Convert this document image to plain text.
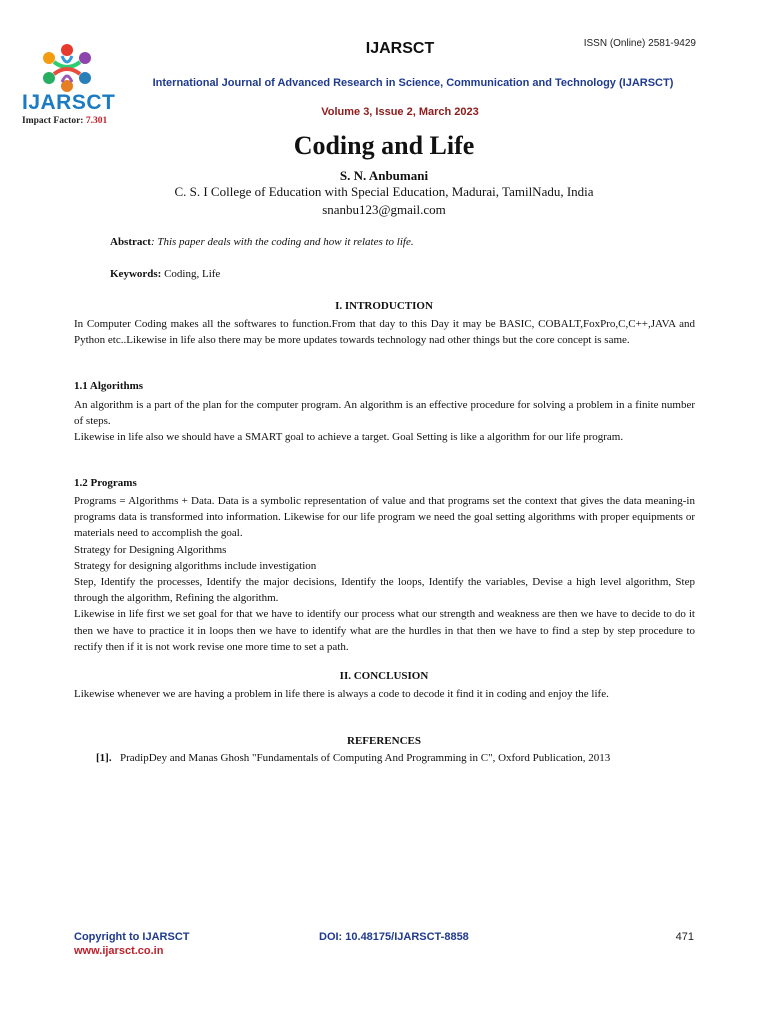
IJARSCT
Impact Factor: 7.301
IJARSCT	ISSN (Online) 2581-9429
International Journal of Advanced Research in Science, Communication and Technology (IJARSCT)
Volume 3, Issue 2, March 2023
Coding and Life
S. N. Anbumani
C. S. I College of Education with Special Education, Madurai, TamilNadu, India
snanbu123@gmail.com
Abstract: This paper deals with the coding and how it relates to life.
Keywords: Coding, Life
I. INTRODUCTION

In Computer Coding makes all the softwares to function.From that day to this Day it may be BASIC, COBALT,FoxPro,C,C++,JAVA and Python etc..Likewise in life also there may be more updates towards technology nad other things but the core concept is same.

1.1 Algorithms

An algorithm is a part of the plan for the computer program. An algorithm is an effective procedure for solving a problem in a finite number of steps.

Likewise in life also we should have a SMART goal to achieve a target. Goal Setting is like a algorithm for our life program.

1.2 Programs

Programs = Algorithms + Data. Data is a symbolic representation of value and that programs set the context that gives the data meaning-in programs data is transformed into information. Likewise for our life program we need the goal setting algorithms with proper equipments or materials need to accomplish the goal.

Strategy for Designing Algorithms

Strategy for designing algorithms include investigation

Step, Identify the processes, Identify the major decisions, Identify the loops, Identify the variables, Devise a high level algorithm, Step through the algorithm, Refining the algorithm.

Likewise in life first we set goal for that we have to identify our process what our strength and weakness are then we have to decide to do it then we have to practice it in loops then we have to identify what are the hurdles in that then we have to find a step by step procedure to rectify then if it is not work revise one more time to set a path.

II. CONCLUSION

Likewise whenever we are having a problem in life there is always a code to decode it find it in coding and enjoy the life.

REFERENCES
[1]. PradipDey and Manas Ghosh "Fundamentals of Computing And Programming in C", Oxford Publication, 2013
Copyright to IJARSCT
www.ijarsct.co.in
DOI: 10.48175/IJARSCT-8858	471
